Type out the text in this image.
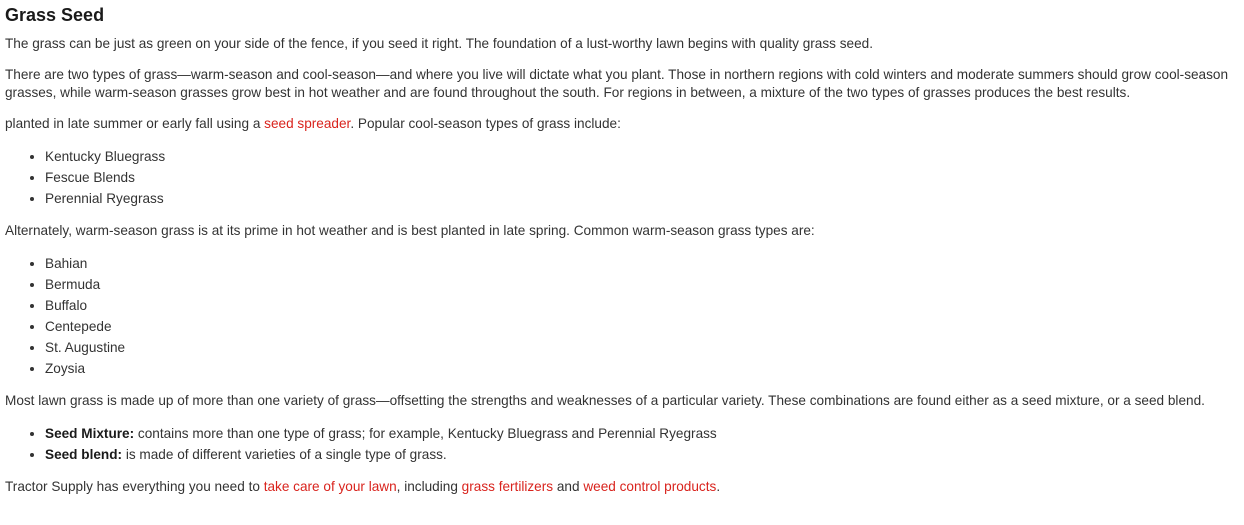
Grass Seed

The grass can be just as green on your side of the fence, if you seed it right. The foundation of a lust-worthy lawn begins with quality grass seed.

There are two types of grass—warm-season and cool-season—and where you live will dictate what you plant. Those in northern regions with cold winters and moderate summers should grow cool-season grasses, while warm-season grasses grow best in hot weather and are found throughout the south. For regions in between, a mixture of the two types of grasses produces the best results.

planted in late summer or early fall using a seed spreader. Popular cool-season types of grass include:

• Kentucky Bluegrass
• Fescue Blends
• Perennial Ryegrass

Alternately, warm-season grass is at its prime in hot weather and is best planted in late spring. Common warm-season grass types are:

• Bahian
• Bermuda
• Buffalo
• Centepede
• St. Augustine
• Zoysia

Most lawn grass is made up of more than one variety of grass—offsetting the strengths and weaknesses of a particular variety. These combinations are found either as a seed mixture, or a seed blend.

• Seed Mixture: contains more than one type of grass; for example, Kentucky Bluegrass and Perennial Ryegrass
• Seed blend: is made of different varieties of a single type of grass.

Tractor Supply has everything you need to take care of your lawn, including grass fertilizers and weed control products.
